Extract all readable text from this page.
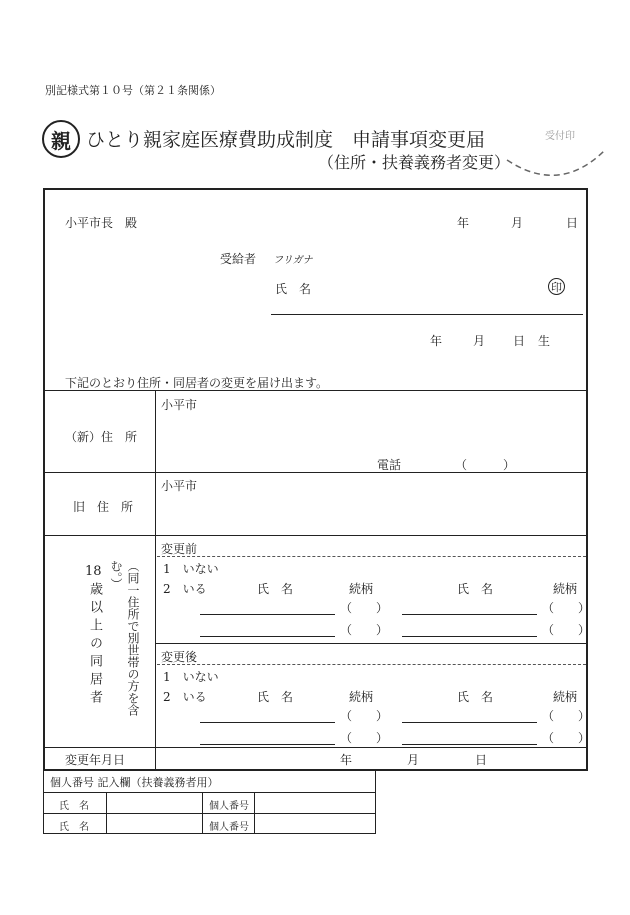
別記様式第１０号（第２１条関係）
親 ひとり親家庭医療費助成制度　申請事項変更届
（住所・扶養義務者変更）
受付印
小平市長　殿	年	月	日
受給者 フリガナ
氏　名	印
年	月 日 生
下記のとおり住所・同居者の変更を届け出ます。
（新）住　所
小平市
電話	（　　　）
旧　住　所
小平市
18
歳以上の同居者	（同一住所で別世帯の方を含む。）
変更前
1　いない
2　いる	氏　名	続柄	氏　名	続柄
（　　）	（　　）
（　　）	（　　）
変更後
1　いない
2　いる	氏　名	続柄	氏　名	続柄
（　　）	（　　）
（　　）	（　　）
変更年月日	年	月	日
個人番号 記入欄（扶養義務者用）
氏　名	個人番号
氏　名	個人番号
